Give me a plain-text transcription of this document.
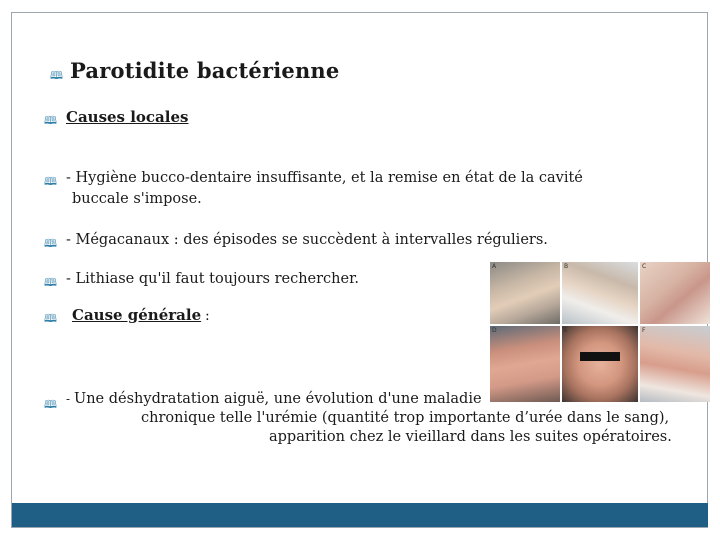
🕮 Parotidite bactérienne
🕮 Causes locales
🕮 - Hygiène bucco-dentaire insuffisante, et la remise en état de la cavité
buccale s'impose.
🕮 - Mégacanaux : des épisodes se succèdent à intervalles réguliers.
🕮 - Lithiase qu'il faut toujours rechercher.
🕮 Cause générale :
🕮 - Une déshydratation aiguë, une évolution d'une maladie
chronique telle l'urémie (quantité trop importante d’urée dans le sang),
apparition chez le vieillard dans les suites opératoires.
A	B	C
D	E	F
